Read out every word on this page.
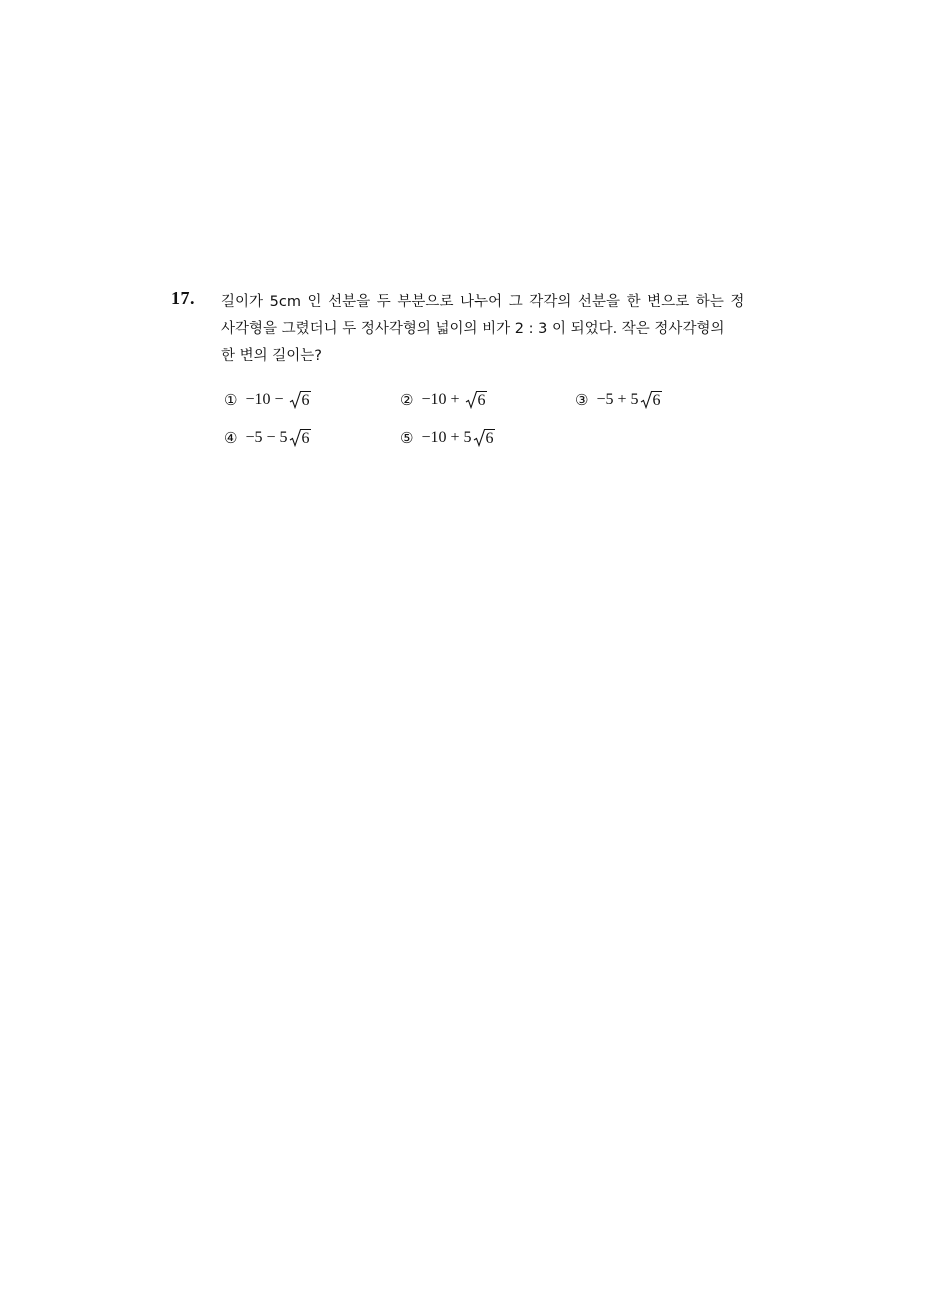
17. 길이가 5cm 인 선분을 두 부분으로 나누어 그 각각의 선분을 한 변으로 하는 정
사각형을 그렸더니 두 정사각형의 넓이의 비가 2 : 3 이 되었다. 작은 정사각형의
한 변의 길이는?
① −10 − 6	② −10 + 6	③ −5 + 5 6
④ −5 − 5 6	⑤ −10 + 5 6
